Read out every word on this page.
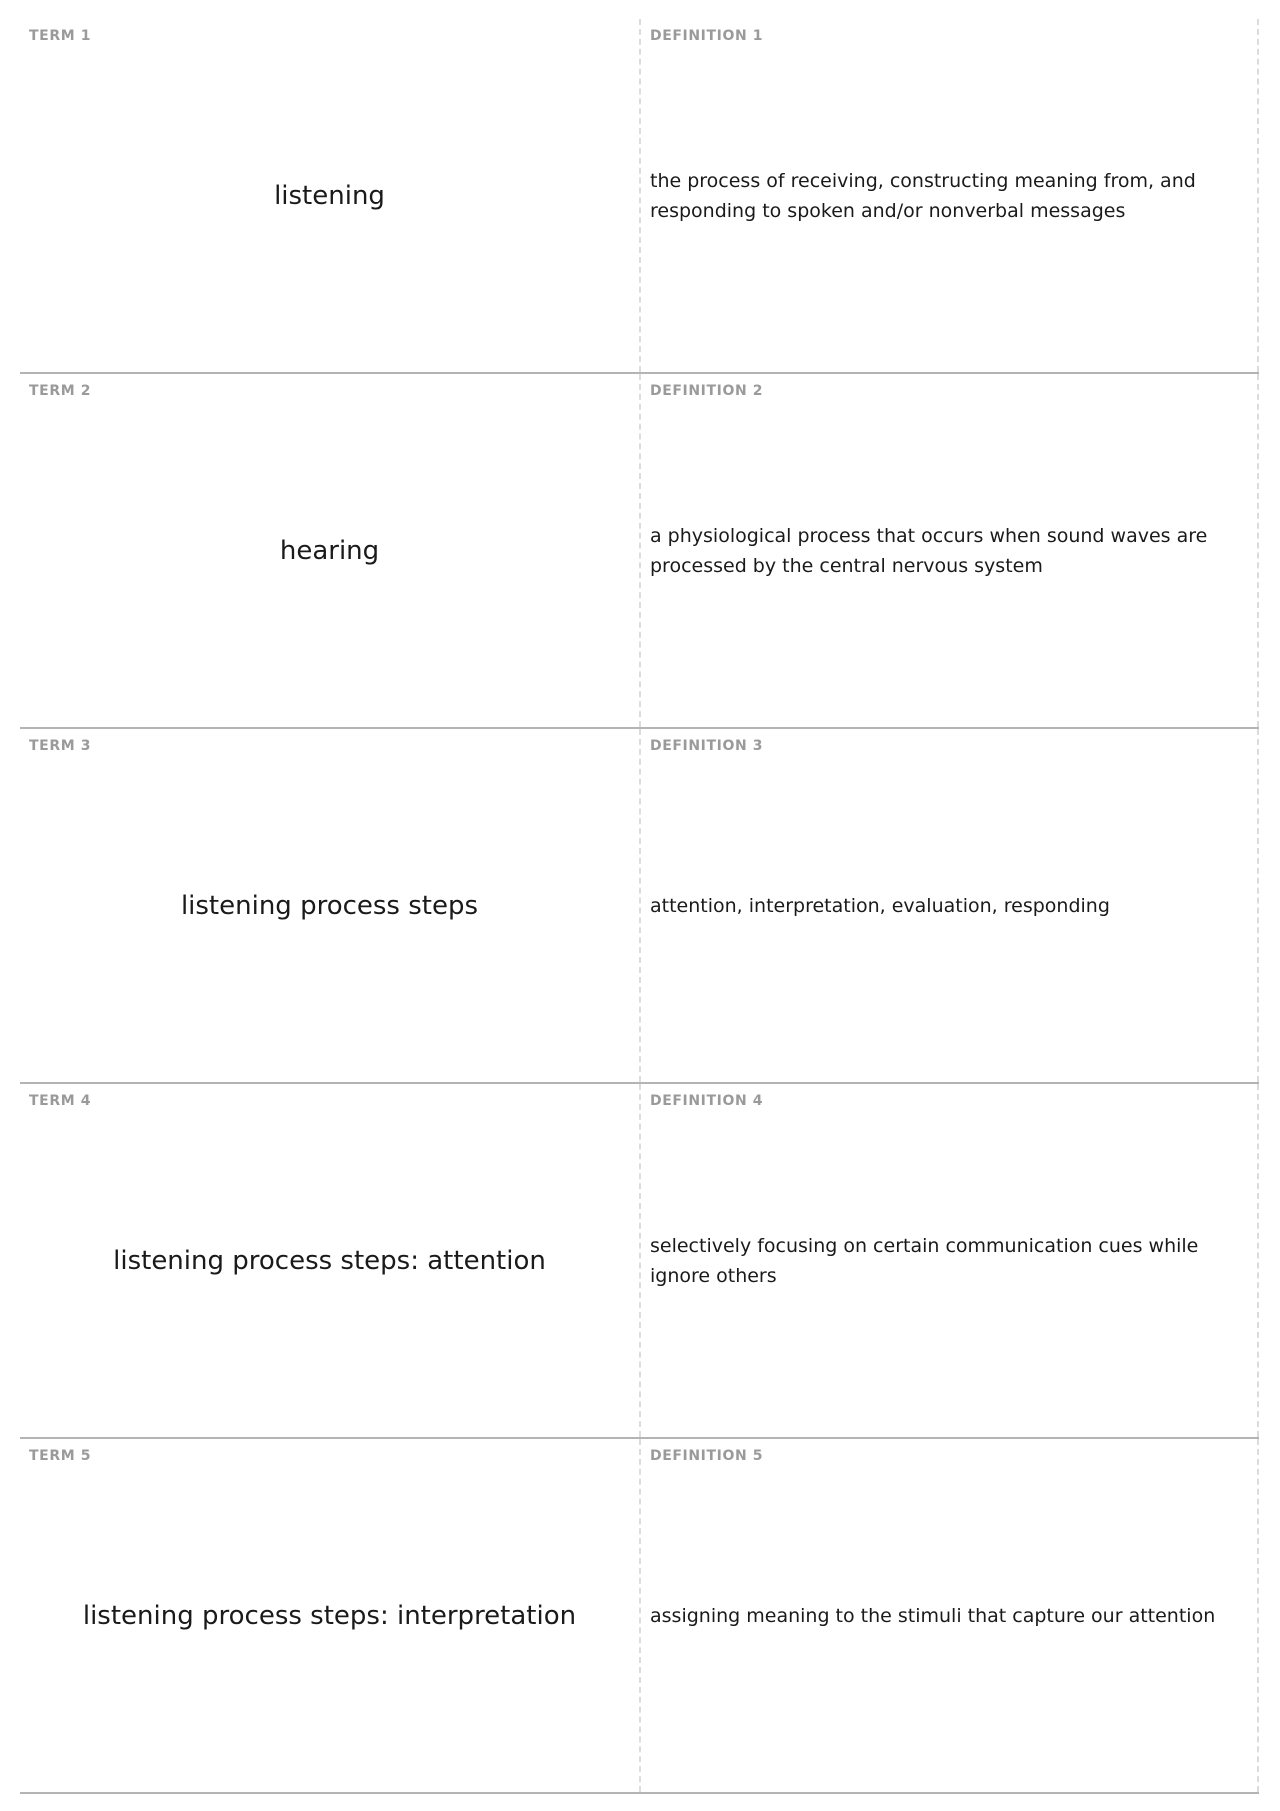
TERM 1
listening
DEFINITION 1
the process of receiving, constructing meaning from, and responding to spoken and/or nonverbal messages
TERM 2
hearing
DEFINITION 2
a physiological process that occurs when sound waves are processed by the central nervous system
TERM 3
listening process steps
DEFINITION 3
attention, interpretation, evaluation, responding
TERM 4
listening process steps: attention
DEFINITION 4
selectively focusing on certain communication cues while ignore others
TERM 5
listening process steps: interpretation
DEFINITION 5
assigning meaning to the stimuli that capture our attention
